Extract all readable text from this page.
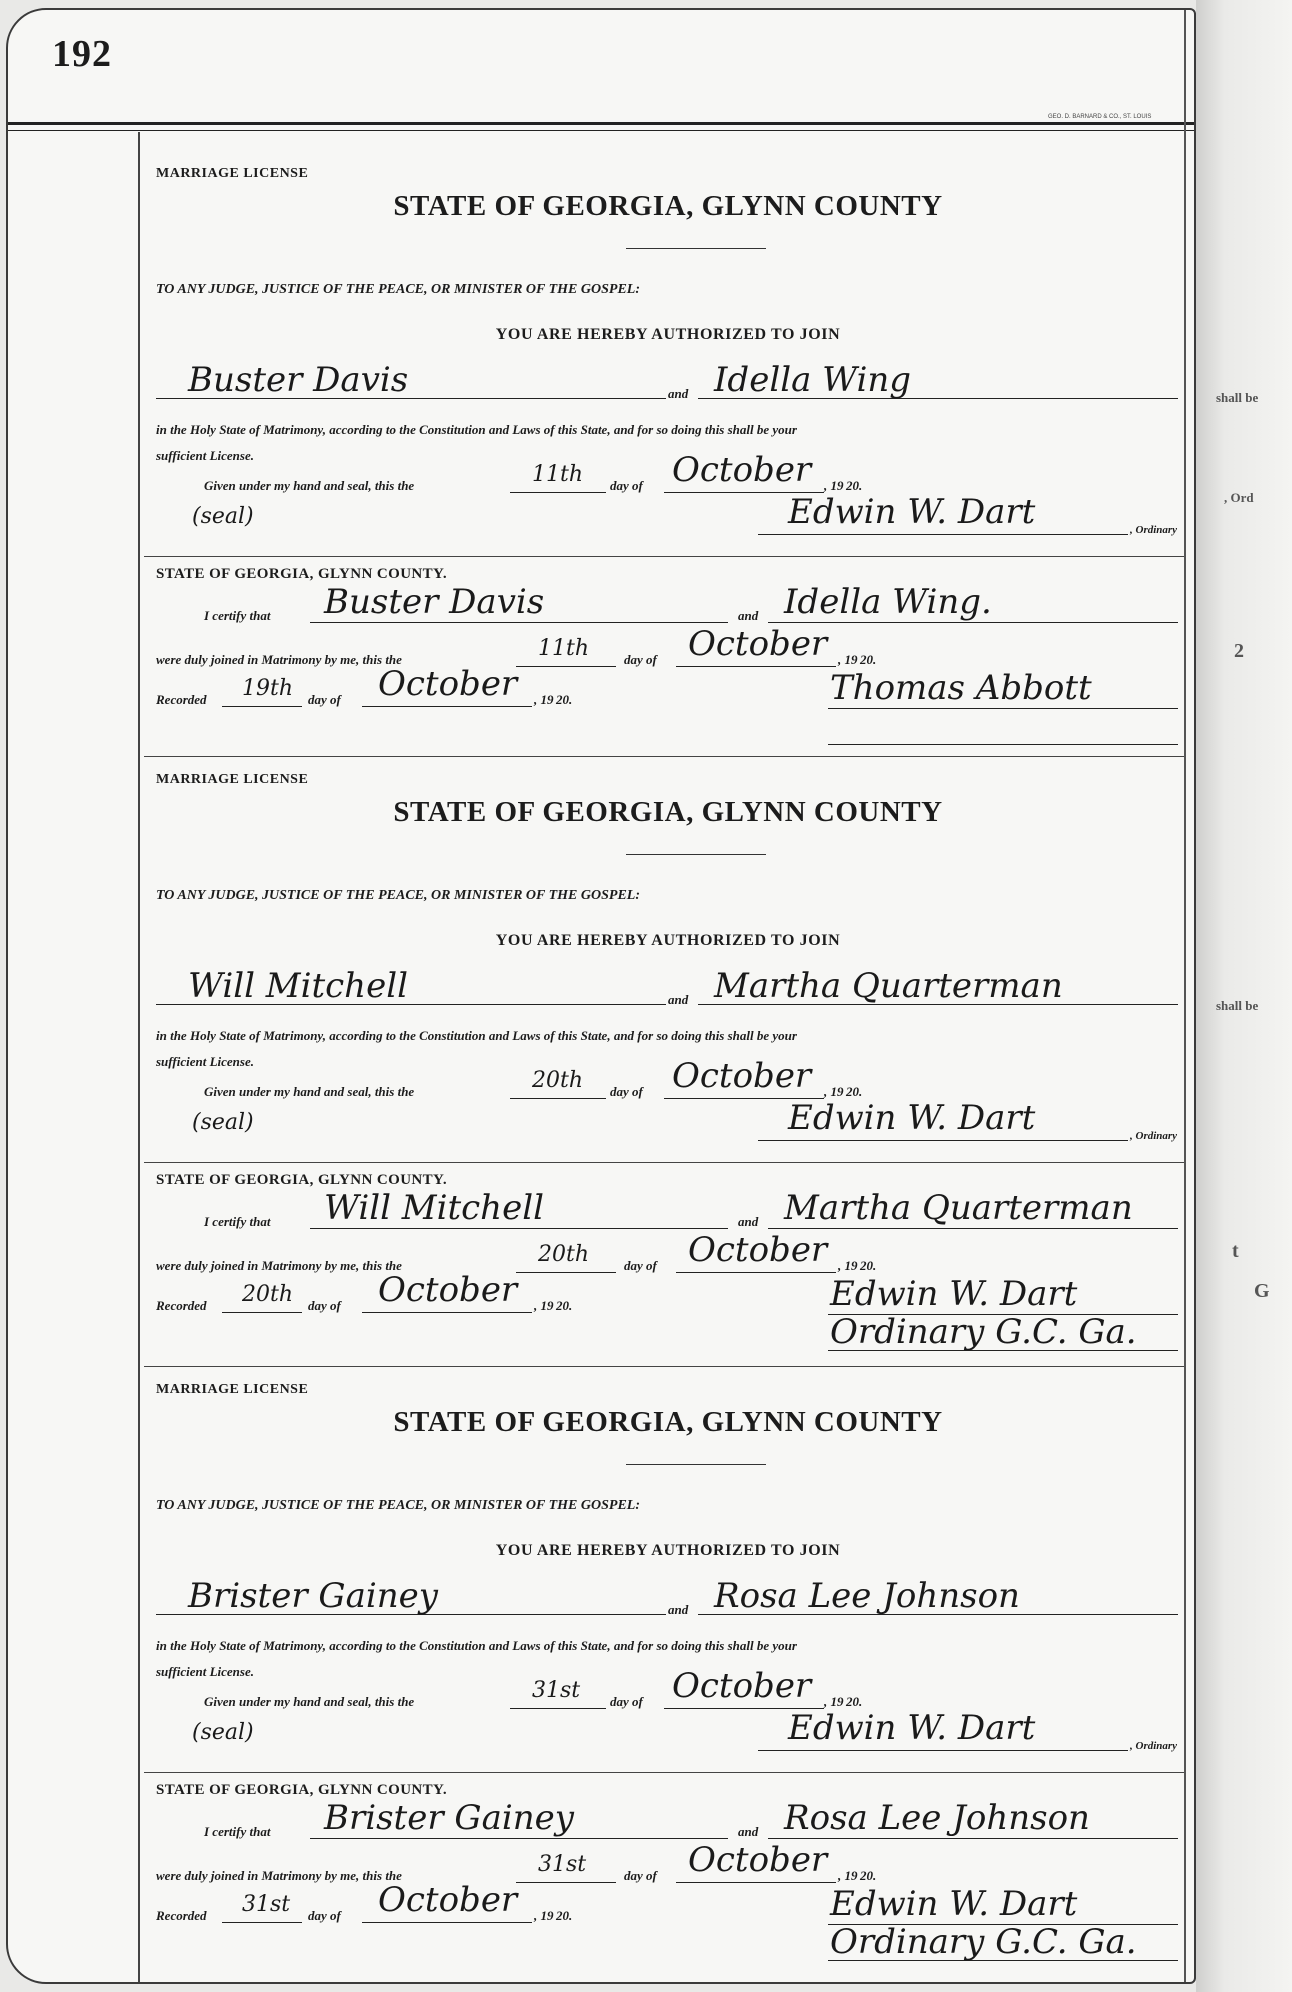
shall be
, Ord
2
shall be
t
G
192
GEO. D. BARNARD & CO., ST. LOUIS
MARRIAGE LICENSE
STATE OF GEORGIA, GLYNN COUNTY
TO ANY JUDGE, JUSTICE OF THE PEACE, OR MINISTER OF THE GOSPEL:
YOU ARE HEREBY AUTHORIZED TO JOIN
Buster Davis	and Idella Wing
in the Holy State of Matrimony, according to the Constitution and Laws of this State, and for so doing this shall be your
sufficient License.
Given under my hand and seal, this the	11th day of October , 19 20.
(seal)	Edwin W. Dart	, Ordinary
STATE OF GEORGIA, GLYNN COUNTY.
I certify that Buster Davis	and Idella Wing.
were duly joined in Matrimony by me, this the	11th	day of October , 19 20.
Recorded 19th day of October , 19 20.	Thomas Abbott
MARRIAGE LICENSE
STATE OF GEORGIA, GLYNN COUNTY
TO ANY JUDGE, JUSTICE OF THE PEACE, OR MINISTER OF THE GOSPEL:
YOU ARE HEREBY AUTHORIZED TO JOIN
Will Mitchell	and Martha Quarterman
in the Holy State of Matrimony, according to the Constitution and Laws of this State, and for so doing this shall be your
sufficient License.
Given under my hand and seal, this the	20th day of October , 19 20.
(seal)	Edwin W. Dart	, Ordinary
STATE OF GEORGIA, GLYNN COUNTY.
I certify that Will Mitchell	and Martha Quarterman
were duly joined in Matrimony by me, this the	20th	day of October , 19 20.
Recorded 20th day of October , 19 20.	Edwin W. Dart
Ordinary G.C. Ga.
MARRIAGE LICENSE
STATE OF GEORGIA, GLYNN COUNTY
TO ANY JUDGE, JUSTICE OF THE PEACE, OR MINISTER OF THE GOSPEL:
YOU ARE HEREBY AUTHORIZED TO JOIN
Brister Gainey	and Rosa Lee Johnson
in the Holy State of Matrimony, according to the Constitution and Laws of this State, and for so doing this shall be your
sufficient License.
Given under my hand and seal, this the	31st day of October , 19 20.
(seal)	Edwin W. Dart	, Ordinary
STATE OF GEORGIA, GLYNN COUNTY.
I certify that Brister Gainey	and Rosa Lee Johnson
were duly joined in Matrimony by me, this the	31st	day of October , 19 20.
Recorded 31st day of October , 19 20.	Edwin W. Dart
Ordinary G.C. Ga.
